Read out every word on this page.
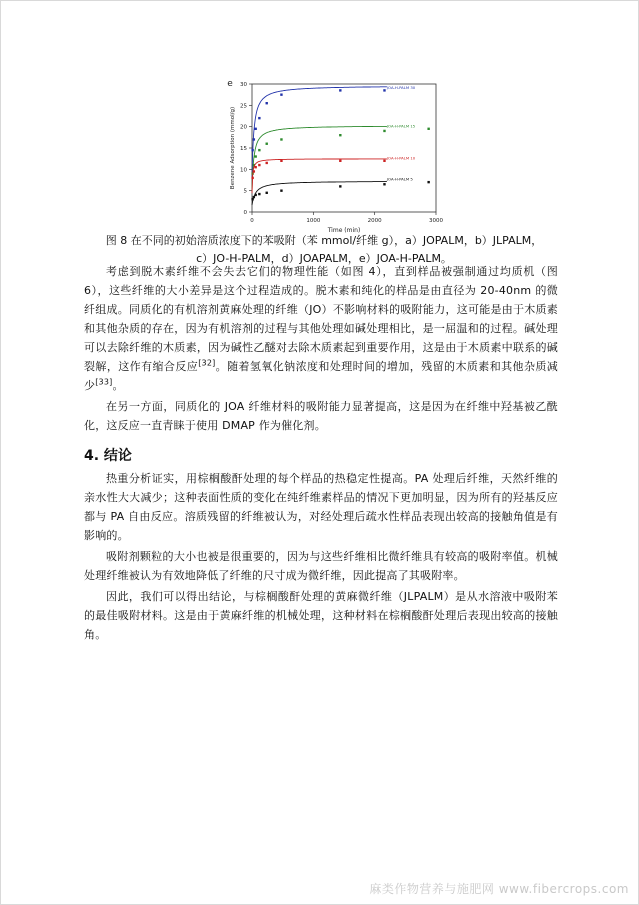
0	1000	2000	3000
0
5
10
15
20
25
30
Time (min)
Benzene Adsorption (mmol/g)
e	JOA-H-PALM 30
JOA-H-PALM 15
JOA-H-PALM 10
JOA-H-PALM 5
图 8 在不同的初始溶质浓度下的苯吸附（苯 mmol/纤维 g），a）JOPALM，b）JLPALM，
c）JO-H-PALM，d）JOAPALM，e）JOA-H-PALM。

考虑到脱木素纤维不会失去它们的物理性能（如图 4），直到样品被强制通过均质机（图 6），这些纤维的大小差异是这个过程造成的。脱木素和纯化的样品是由直径为 20-40nm 的微纤组成。同质化的有机溶剂黄麻处理的纤维（JO）不影响材料的吸附能力，这可能是由于木质素和其他杂质的存在，因为有机溶剂的过程与其他处理如碱处理相比，是一屈温和的过程。碱处理可以去除纤维的木质素，因为碱性乙醚对去除木质素起到重要作用，这是由于木质素中联系的碱裂解，这作有缩合反应[32]。随着氢氧化钠浓度和处理时间的增加，残留的木质素和其他杂质减少[33]。

在另一方面，同质化的 JOA 纤维材料的吸附能力显著提高，这是因为在纤维中羟基被乙酰化，这反应一直青睐于使用 DMAP 作为催化剂。

4. 结论

热重分析证实，用棕榈酸酐处理的每个样品的热稳定性提高。PA 处理后纤维，天然纤维的亲水性大大减少；这种表面性质的变化在纯纤维素样品的情况下更加明显，因为所有的羟基反应都与 PA 自由反应。溶质残留的纤维被认为，对经处理后疏水性样品表现出较高的接触角值是有影响的。

吸附剂颗粒的大小也被是很重要的，因为与这些纤维相比微纤维具有较高的吸附率值。机械处理纤维被认为有效地降低了纤维的尺寸成为微纤维，因此提高了其吸附率。

因此，我们可以得出结论，与棕榈酸酐处理的黄麻微纤维（JLPALM）是从水溶液中吸附苯的最佳吸附材料。这是由于黄麻纤维的机械处理，这种材料在棕榈酸酐处理后表现出较高的接触角。

麻类作物营养与施肥网 www.fibercrops.com
